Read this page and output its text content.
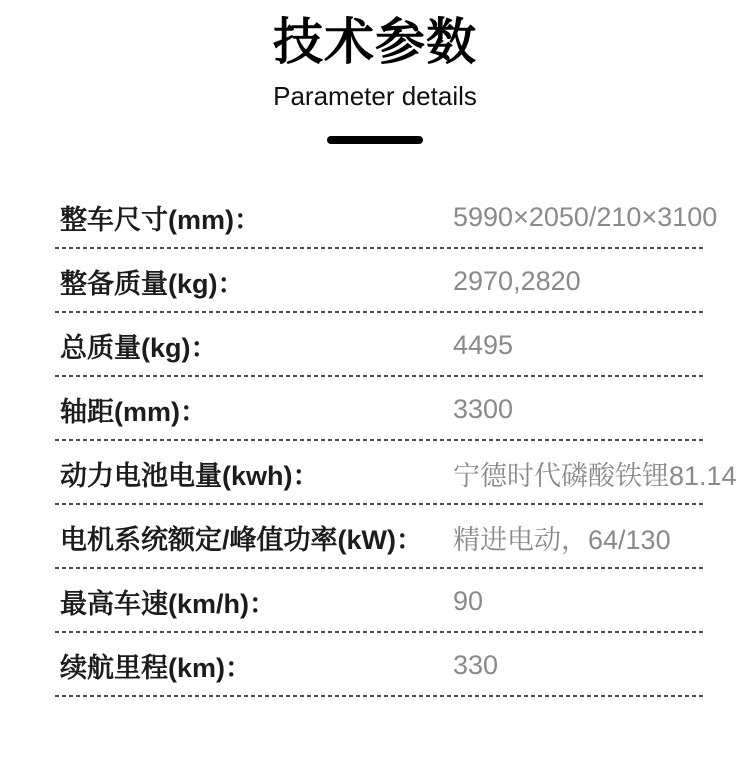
技术参数
Parameter details
整车尺寸(mm)：	5990×2050/210×3100
整备质量(kg)：	2970,2820
总质量(kg)：	4495
轴距(mm)：	3300
动力电池电量(kwh)：	宁德时代磷酸铁锂81.14
电机系统额定/峰值功率(kW)：	精进电动，64/130
最高车速(km/h)：	90
续航里程(km)：	330
